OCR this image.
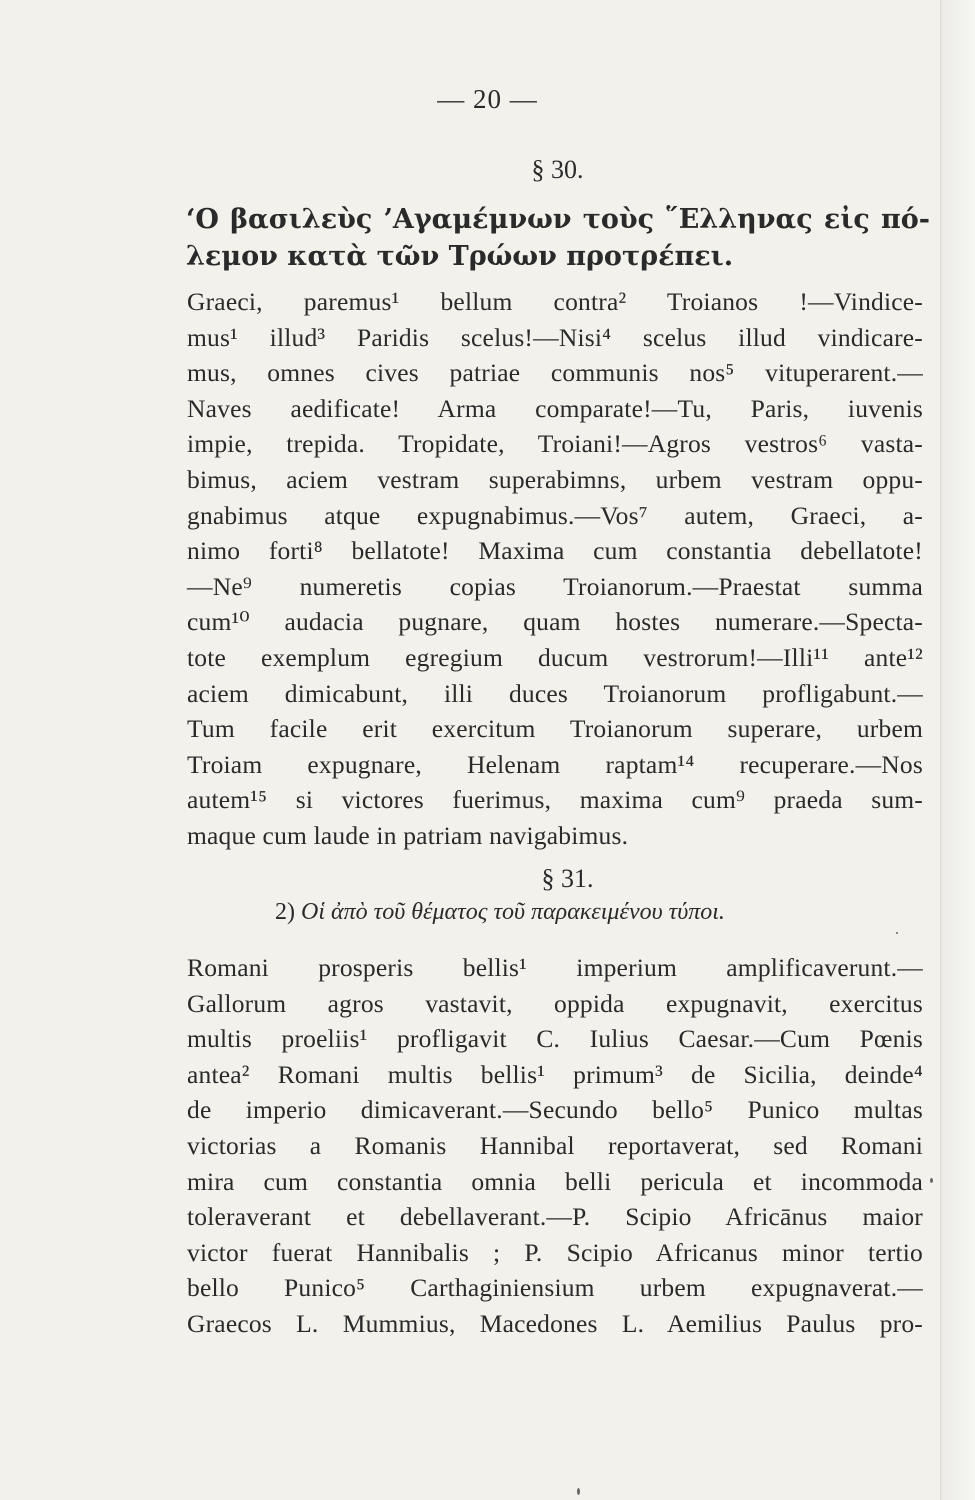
— 20 —
§ 30.
‘Ο βασιλεὺς ’Αγαμέμνων τοὺς ῞Ελληνας εἰς πό-
λεμον κατὰ τῶν Τρώων προτρέπει.
Graeci, paremus¹ bellum contra² Troianos !—Vindice-
mus¹ illud³ Paridis scelus!—Nisi⁴ scelus illud vindicare-
mus, omnes cives patriae communis nos⁵ vituperarent.—
Naves aedificate! Arma comparate!—Tu, Paris, iuvenis
impie, trepida. Tropidate, Troiani!—Agros vestros⁶ vasta-
bimus, aciem vestram superabimns, urbem vestram oppu-
gnabimus atque expugnabimus.—Vos⁷ autem, Graeci, a-
nimo forti⁸ bellatote! Maxima cum constantia debellatote!
—Ne⁹ numeretis copias Troianorum.—Praestat summa
cum¹⁰ audacia pugnare, quam hostes numerare.—Specta-
tote exemplum egregium ducum vestrorum!—Illi¹¹ ante¹²
aciem dimicabunt, illi duces Troianorum profligabunt.—
Tum facile erit exercitum Troianorum superare, urbem
Troiam expugnare, Helenam raptam¹⁴ recuperare.—Nos
autem¹⁵ si victores fuerimus, maxima cum⁹ praeda sum-
maque cum laude in patriam navigabimus.
§ 31.
2) Οἱ ἀπὸ τοῦ θέματος τοῦ παρακειμένου τύποι.
Romani prosperis bellis¹ imperium amplificaverunt.—
Gallorum agros vastavit, oppida expugnavit, exercitus
multis proeliis¹ profligavit C. Iulius Caesar.—Cum Pœnis
antea² Romani multis bellis¹ primum³ de Sicilia, deinde⁴
de imperio dimicaverant.—Secundo bello⁵ Punico multas
victorias a Romanis Hannibal reportaverat, sed Romani
mira cum constantia omnia belli pericula et incommoda
toleraverant et debellaverant.—P. Scipio Africānus maior
victor fuerat Hannibalis ; P. Scipio Africanus minor tertio
bello Punico⁵ Carthaginiensium urbem expugnaverat.—
Graecos L. Mummius, Macedones L. Aemilius Paulus pro-
